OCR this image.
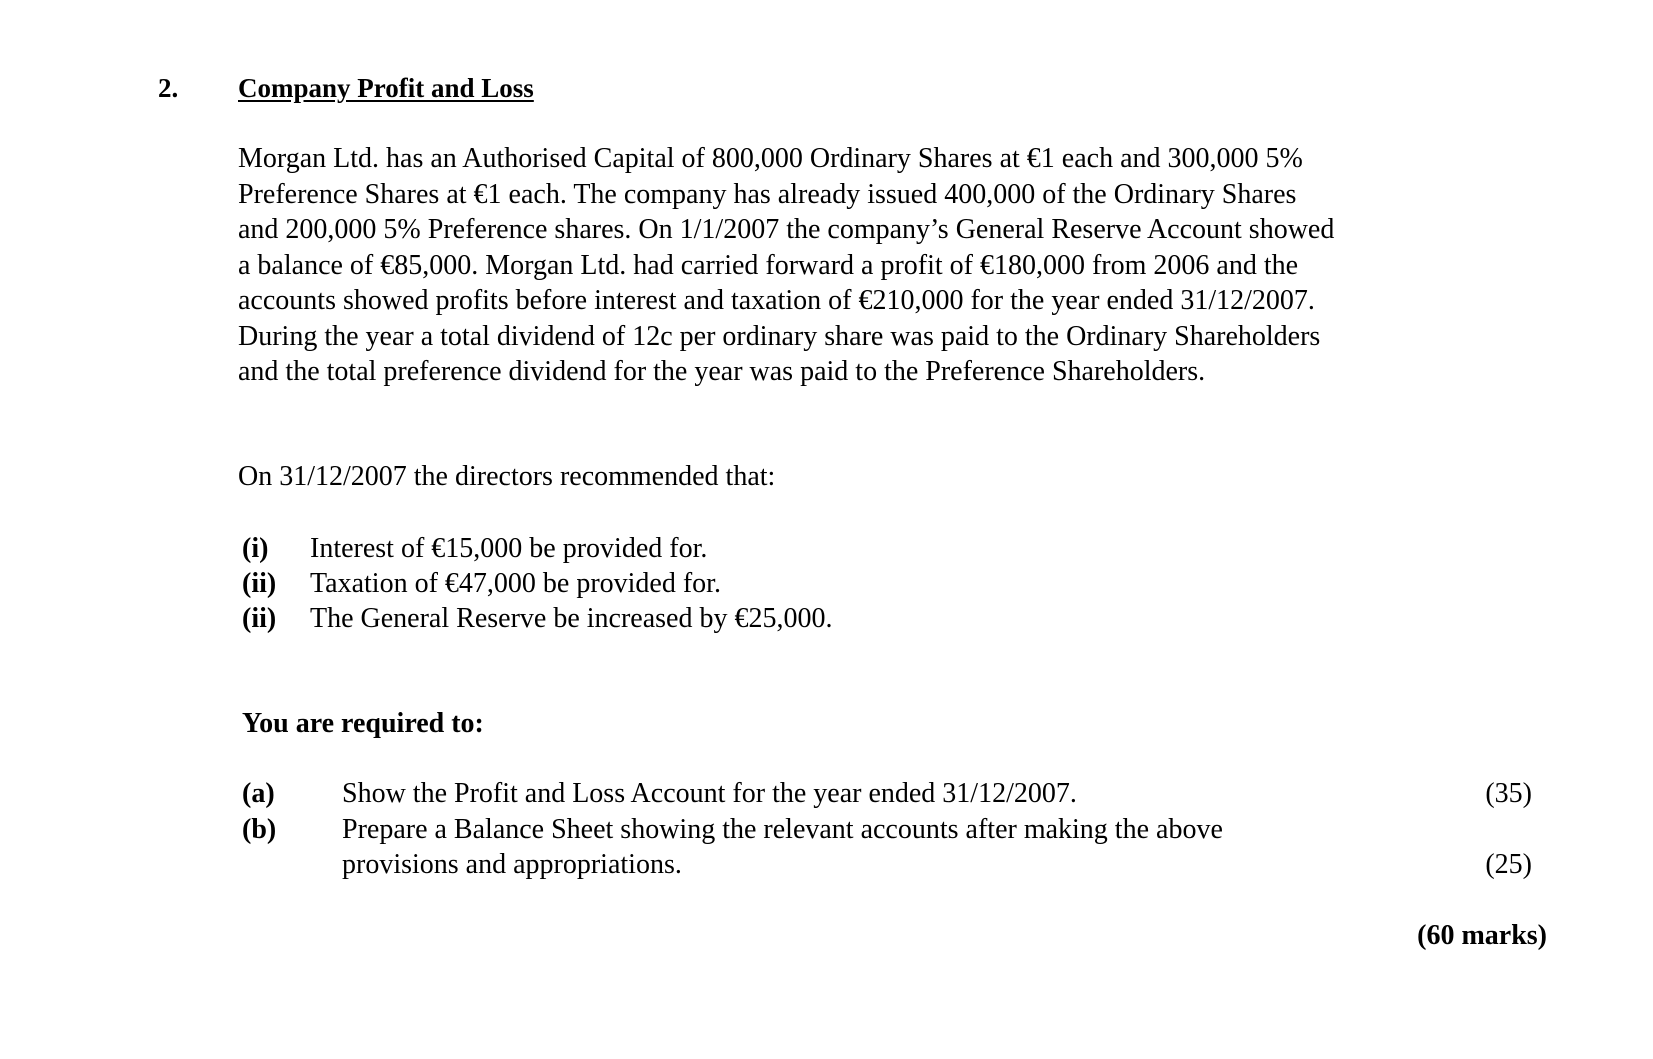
2. Company Profit and Loss
Morgan Ltd. has an Authorised Capital of 800,000 Ordinary Shares at €1 each and 300,000 5%
Preference Shares at €1 each. The company has already issued 400,000 of the Ordinary Shares
and 200,000 5% Preference shares. On 1/1/2007 the company’s General Reserve Account showed
a balance of €85,000. Morgan Ltd. had carried forward a profit of €180,000 from 2006 and the
accounts showed profits before interest and taxation of €210,000 for the year ended 31/12/2007.
During the year a total dividend of 12c per ordinary share was paid to the Ordinary Shareholders
and the total preference dividend for the year was paid to the Preference Shareholders.
On 31/12/2007 the directors recommended that:
(i)	Interest of €15,000 be provided for.
(ii)	Taxation of €47,000 be provided for.
(ii)	The General Reserve be increased by €25,000.
You are required to:
(a)	Show the Profit and Loss Account for the year ended 31/12/2007.	(35)
(b)	Prepare a Balance Sheet showing the relevant accounts after making the above
provisions and appropriations.	(25)
(60 marks)
